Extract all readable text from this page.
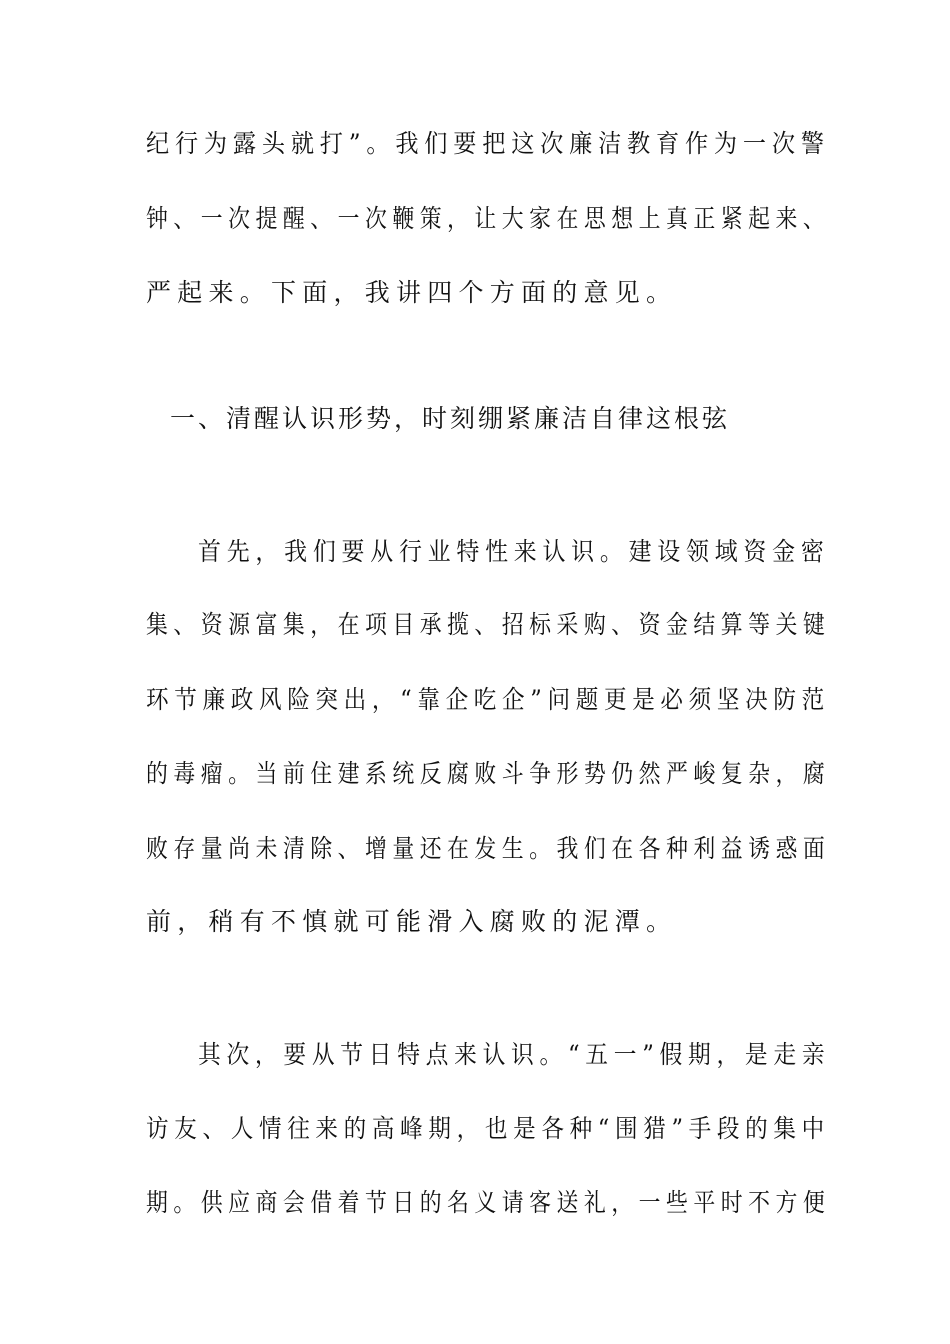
纪行为露头就打”。我们要把这次廉洁教育作为一次警
钟、一次提醒、一次鞭策，让大家在思想上真正紧起来、
严起来。下面，我讲四个方面的意见。
一、清醒认识形势，时刻绷紧廉洁自律这根弦
首先，我们要从行业特性来认识。建设领域资金密
集、资源富集，在项目承揽、招标采购、资金结算等关键
环节廉政风险突出，“靠企吃企”问题更是必须坚决防范
的毒瘤。当前住建系统反腐败斗争形势仍然严峻复杂，腐
败存量尚未清除、增量还在发生。我们在各种利益诱惑面
前，稍有不慎就可能滑入腐败的泥潭。
其次，要从节日特点来认识。“五一”假期，是走亲
访友、人情往来的高峰期，也是各种“围猎”手段的集中
期。供应商会借着节日的名义请客送礼，一些平时不方便
